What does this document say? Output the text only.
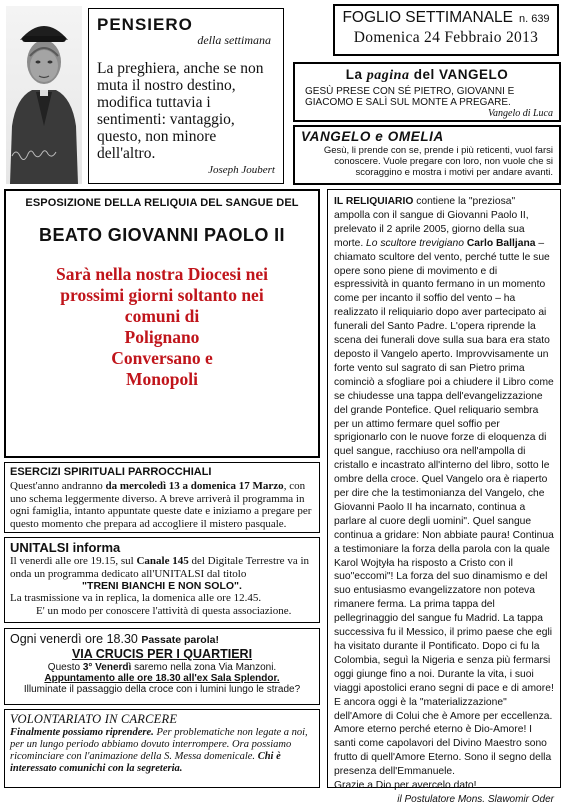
PENSIERO
della settimana
La preghiera, anche se non muta il nostro destino, modifica tuttavia i sentimenti: vantaggio, questo, non minore dell'altro.
Joseph Joubert
FOGLIO SETTIMANALE n. 639
Domenica 24 Febbraio 2013
La pagina del VANGELO
GESÙ PRESE CON SÉ PIETRO, GIOVANNI E GIACOMO E SALÌ SUL MONTE A PREGARE.
Vangelo di Luca
VANGELO e OMELIA
Gesù, li prende con se, prende i più reticenti, vuol farsi conoscere. Vuole pregare con loro, non vuole che si scoraggino e mostra i motivi per andare avanti.
ESPOSIZIONE DELLA RELIQUIA DEL SANGUE DEL
BEATO GIOVANNI PAOLO II
Sarà nella nostra Diocesi nei
prossimi giorni soltanto nei
comuni di
Polignano
Conversano e
Monopoli
ESERCIZI SPIRITUALI PARROCCHIALI
Quest'anno andranno da mercoledì 13 a domenica 17 Marzo, con uno schema leggermente diverso. A breve arriverà il programma in ogni famiglia, intanto appuntate queste date e iniziamo a pregare per questo momento che prepara ad accogliere il mistero pasquale.
UNITALSI informa
Il venerdì alle ore 19.15, sul Canale 145 del Digitale Terrestre va in onda un programma dedicato all'UNITALSI dal titolo
"TRENI BIANCHI E NON SOLO".
La trasmissione va in replica, la domenica alle ore 12.45.
E' un modo per conoscere l'attività di questa associazione.
Ogni venerdì ore 18.30 Passate parola!
VIA CRUCIS PER I QUARTIERI
Questo 3° Venerdì saremo nella zona Via Manzoni.
Appuntamento alle ore 18.30 all'ex Sala Splendor.
Illuminate il passaggio della croce con i lumini lungo le strade?
VOLONTARIATO IN CARCERE
Finalmente possiamo riprendere. Per problematiche non legate a noi, per un lungo periodo abbiamo dovuto interrompere. Ora possiamo ricominciare con l'animazione della S. Messa domenicale. Chi è interessato comunichi con la segreteria.
IL RELIQUIARIO contiene la "preziosa" ampolla con il sangue di Giovanni Paolo II, prelevato il 2 aprile 2005, giorno della sua morte. Lo scultore trevigiano Carlo Balljana – chiamato scultore del vento, perché tutte le sue opere sono piene di movimento e di espressività in quanto fermano in un momento come per incanto il soffio del vento – ha realizzato il reliquiario dopo aver partecipato ai funerali del Santo Padre. L'opera riprende la scena dei funerali dove sulla sua bara era stato deposto il Vangelo aperto. Improvvisamente un forte vento sul sagrato di san Pietro prima cominciò a sfogliare poi a chiudere il Libro come se chiudesse una tappa dell'evangelizzazione del grande Pontefice. Quel reliquario sembra per un attimo fermare quel soffio per sprigionarlo con le nuove forze di eloquenza di quel sangue, racchiuso ora nell'ampolla di cristallo e incastrato all'interno del libro, sotto le ombre della croce. Quel Vangelo ora è riaperto per dire che la testimonianza del Vangelo, che Giovanni Paolo II ha incarnato, continua a parlare al cuore degli uomini". Quel sangue continua a gridare: Non abbiate paura! Continua a testimoniare la forza della parola con la quale Karol Wojtyła ha risposto a Cristo con il suo"eccomi"! La forza del suo dinamismo e del suo entusiasmo evangelizzatore non poteva rimanere ferma. La prima tappa del pellegrinaggio del sangue fu Madrid. La tappa successiva fu il Messico, il primo paese che egli ha visitato durante il Pontificato. Dopo ci fu la Colombia, seguì la Nigeria e senza più fermarsi oggi giunge fino a noi. Durante la vita, i suoi viaggi apostolici erano segni di pace e di amore! E ancora oggi è la "materializzazione" dell'Amore di Colui che è Amore per eccellenza. Amore eterno perché eterno è Dio-Amore! I santi come capolavori del Divino Maestro sono frutto di quell'Amore Eterno. Sono il segno della presenza dell'Emmanuele.
Grazie a Dio per avercelo dato!
il Postulatore Mons. Slawomir Oder
